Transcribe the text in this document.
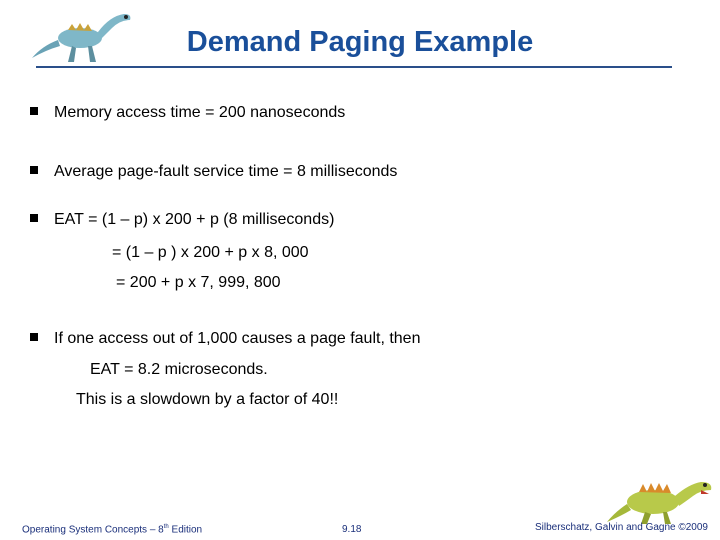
Demand Paging Example
Memory access time = 200 nanoseconds
Average page-fault service time = 8 milliseconds
EAT = (1 – p) x 200 + p (8 milliseconds)
= (1 – p ) x 200 + p x 8, 000
= 200 + p x 7, 999, 800
If one access out of 1,000 causes a page fault, then
EAT = 8.2 microseconds.
This is a slowdown by a factor of 40!!
Operating System Concepts – 8th Edition	9.18	Silberschatz, Galvin and Gagne ©2009
